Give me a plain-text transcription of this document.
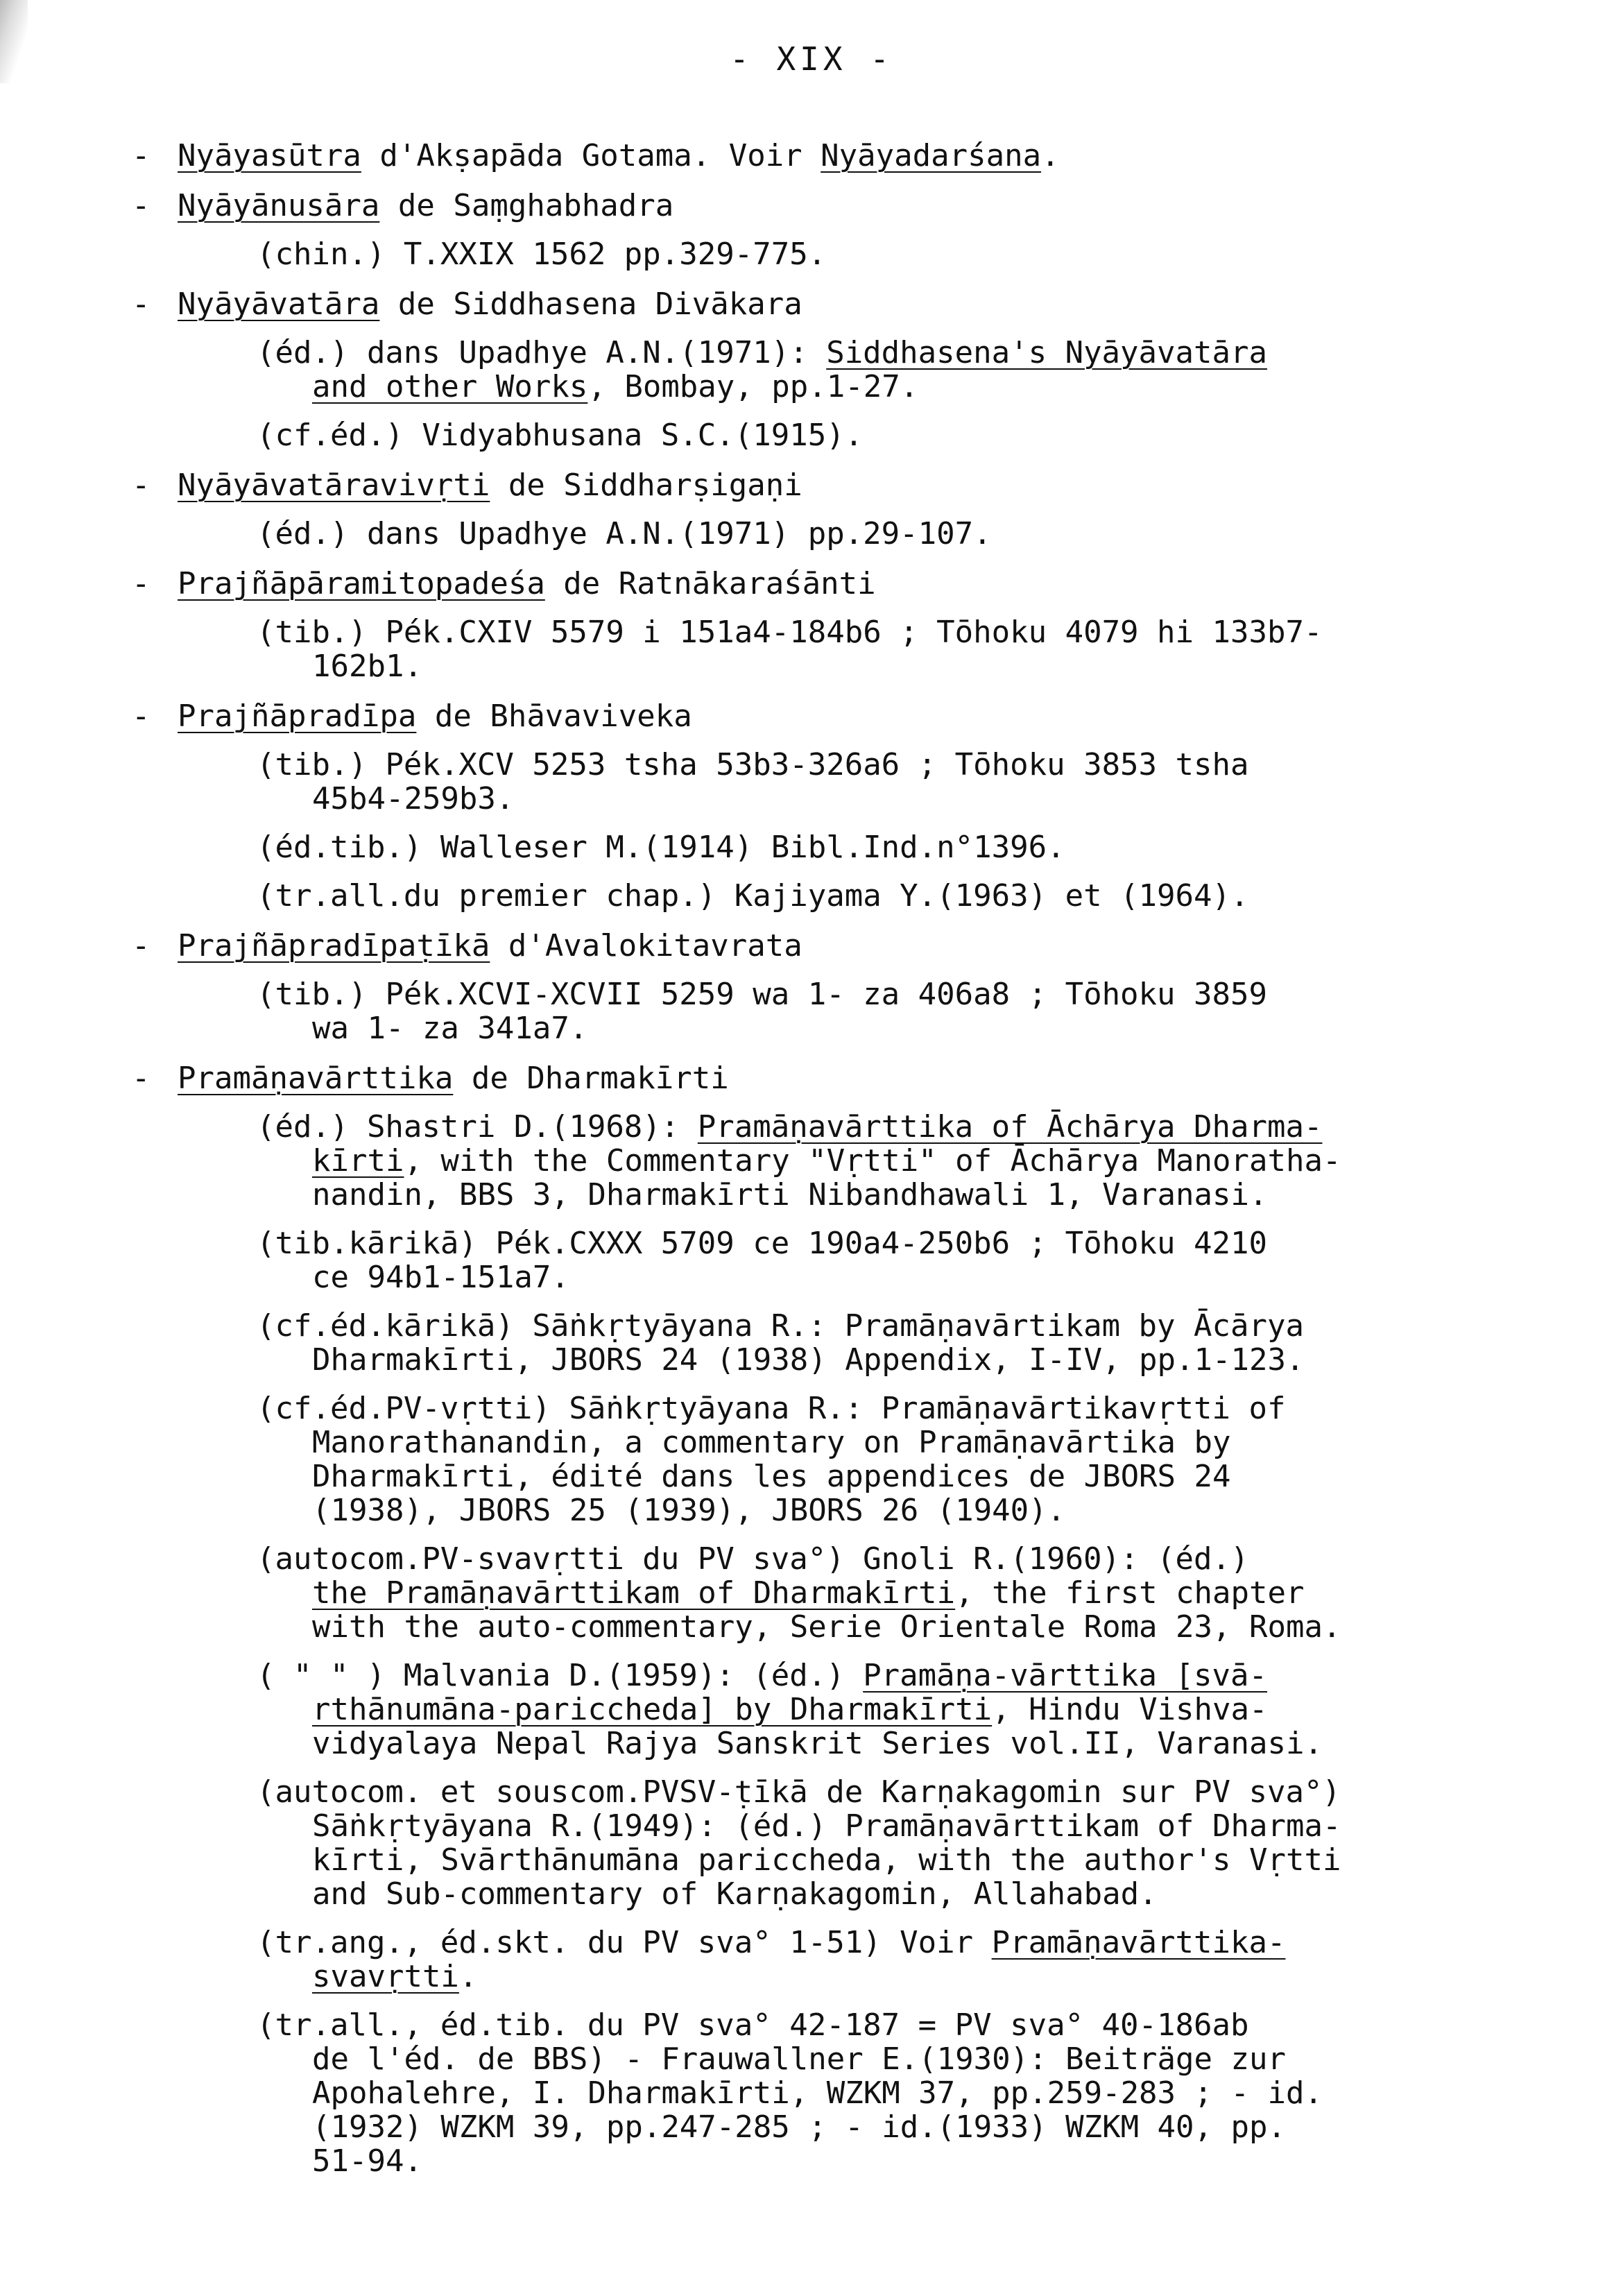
- XIX -
- Nyāyasūtra d'Akṣapāda Gotama. Voir Nyāyadarśana.
- Nyāyānusāra de Saṃghabhadra
(chin.) T.XXIX 1562 pp.329-775.
- Nyāyāvatāra de Siddhasena Divākara
(éd.) dans Upadhye A.N.(1971): Siddhasena's Nyāyāvatāra
and other Works, Bombay, pp.1-27.
(cf.éd.) Vidyabhusana S.C.(1915).
- Nyāyāvatāravivṛti de Siddharṣigaṇi
(éd.) dans Upadhye A.N.(1971) pp.29-107.
- Prajñāpāramitopadeśa de Ratnākaraśānti
(tib.) Pék.CXIV 5579 i 151a4-184b6 ; Tōhoku 4079 hi 133b7-
162b1.
- Prajñāpradīpa de Bhāvaviveka
(tib.) Pék.XCV 5253 tsha 53b3-326a6 ; Tōhoku 3853 tsha
45b4-259b3.
(éd.tib.) Walleser M.(1914) Bibl.Ind.n°1396.
(tr.all.du premier chap.) Kajiyama Y.(1963) et (1964).
- Prajñāpradīpaṭīkā d'Avalokitavrata
(tib.) Pék.XCVI-XCVII 5259 wa 1- za 406a8 ; Tōhoku 3859
wa 1- za 341a7.
- Pramāṇavārttika de Dharmakīrti
(éd.) Shastri D.(1968): Pramāṇavārttika of Āchārya Dharma-
kīrti, with the Commentary "Vṛtti" of Āchārya Manoratha-
nandin, BBS 3, Dharmakīrti Nibandhawali 1, Varanasi.
(tib.kārikā) Pék.CXXX 5709 ce 190a4-250b6 ; Tōhoku 4210
ce 94b1-151a7.
(cf.éd.kārikā) Sāṅkṛtyāyana R.: Pramāṇavārtikam by Ācārya
Dharmakīrti, JBORS 24 (1938) Appendix, I-IV, pp.1-123.
(cf.éd.PV-vṛtti) Sāṅkṛtyāyana R.: Pramāṇavārtikavṛtti of
Manorathanandin, a commentary on Pramāṇavārtika by
Dharmakīrti, édité dans les appendices de JBORS 24
(1938), JBORS 25 (1939), JBORS 26 (1940).
(autocom.PV-svavṛtti du PV sva°) Gnoli R.(1960): (éd.)
the Pramāṇavārttikam of Dharmakīrti, the first chapter
with the auto-commentary, Serie Orientale Roma 23, Roma.
( " " ) Malvania D.(1959): (éd.) Pramāṇa-vārttika [svā-
rthānumāna-pariccheda] by Dharmakīrti, Hindu Vishva-
vidyalaya Nepal Rajya Sanskrit Series vol.II, Varanasi.
(autocom. et souscom.PVSV-ṭīkā de Karṇakagomin sur PV sva°)
Sāṅkṛtyāyana R.(1949): (éd.) Pramāṇavārttikam of Dharma-
kīrti, Svārthānumāna pariccheda, with the author's Vṛtti
and Sub-commentary of Karṇakagomin, Allahabad.
(tr.ang., éd.skt. du PV sva° 1-51) Voir Pramāṇavārttika-
svavṛtti.
(tr.all., éd.tib. du PV sva° 42-187 = PV sva° 40-186ab
de l'éd. de BBS) - Frauwallner E.(1930): Beiträge zur
Apohalehre, I. Dharmakīrti, WZKM 37, pp.259-283 ; - id.
(1932) WZKM 39, pp.247-285 ; - id.(1933) WZKM 40, pp.
51-94.
